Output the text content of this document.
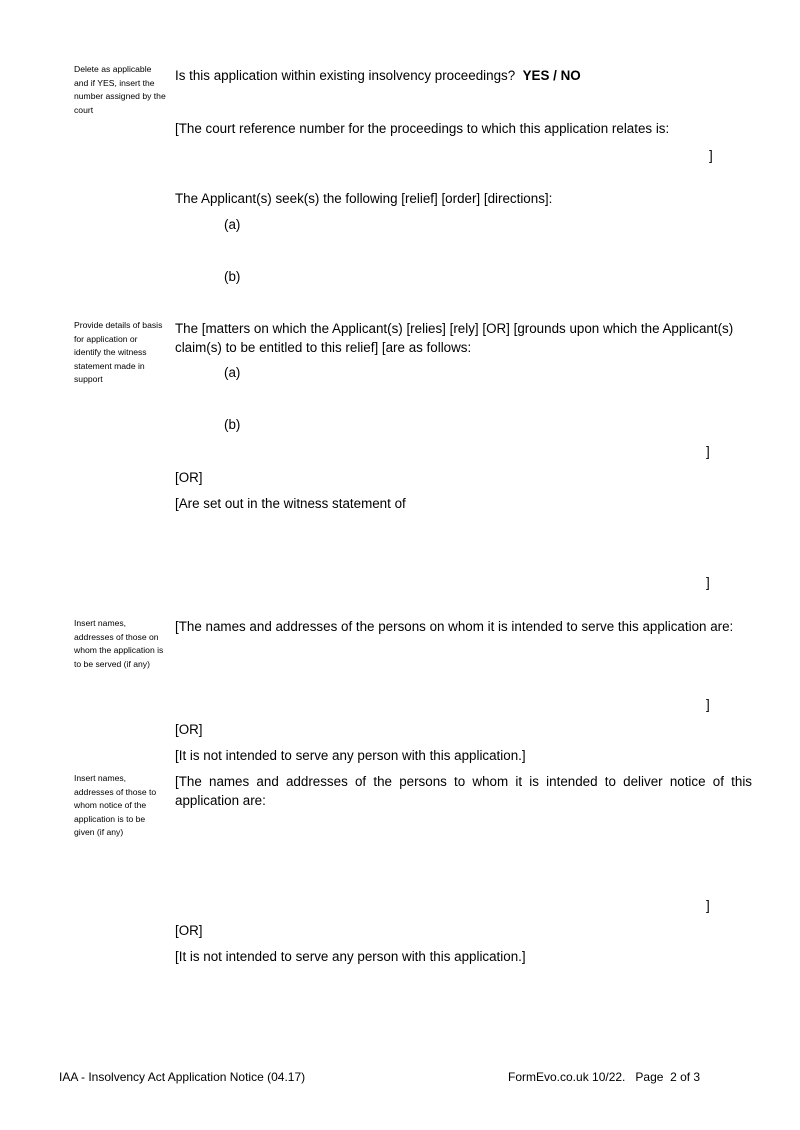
Delete as applicable and if YES, insert the number assigned by the court
Provide details of basis for application or identify the witness statement made in support
Insert names, addresses of those on whom the application is to be served (if any)
Insert names, addresses of those to whom notice of the application is to be given (if any)
Is this application within existing insolvency proceedings? YES / NO
[The court reference number for the proceedings to which this application relates is:
]
The Applicant(s) seek(s) the following [relief] [order] [directions]:
(a)
(b)
The [matters on which the Applicant(s) [relies] [rely] [OR] [grounds upon which the Applicant(s) claim(s) to be entitled to this relief] [are as follows:
(a)
(b)
]
[OR]
[Are set out in the witness statement of
]
[The names and addresses of the persons on whom it is intended to serve this application are:
]
[OR]
[It is not intended to serve any person with this application.]
[The names and addresses of the persons to whom it is intended to deliver notice of this application are:
]
[OR]
[It is not intended to serve any person with this application.]
IAA - Insolvency Act Application Notice (04.17)	FormEvo.co.uk 10/22.   Page  2 of 3
